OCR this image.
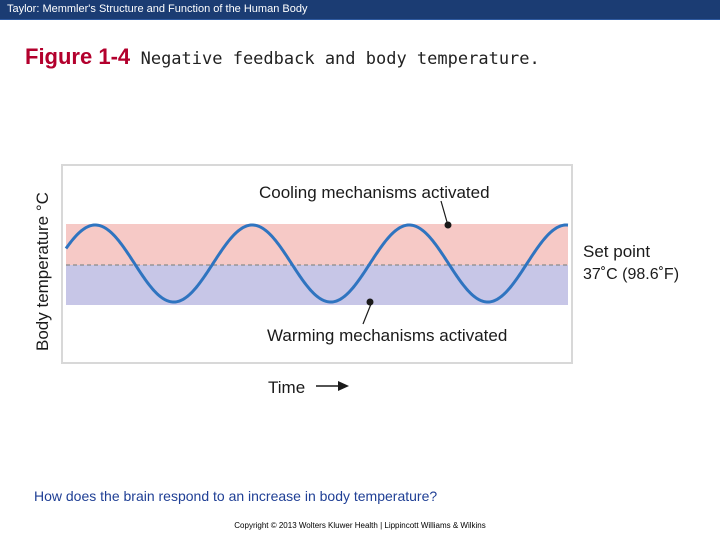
Taylor: Memmler's Structure and Function of the Human Body
Figure 1-4 Negative feedback and body temperature.
Cooling mechanisms activated
Warming mechanisms activated
Body temperature °C
Time
Set point
37˚C (98.6˚F)
How does the brain respond to an increase in body temperature?
Copyright © 2013 Wolters Kluwer Health | Lippincott Williams & Wilkins
